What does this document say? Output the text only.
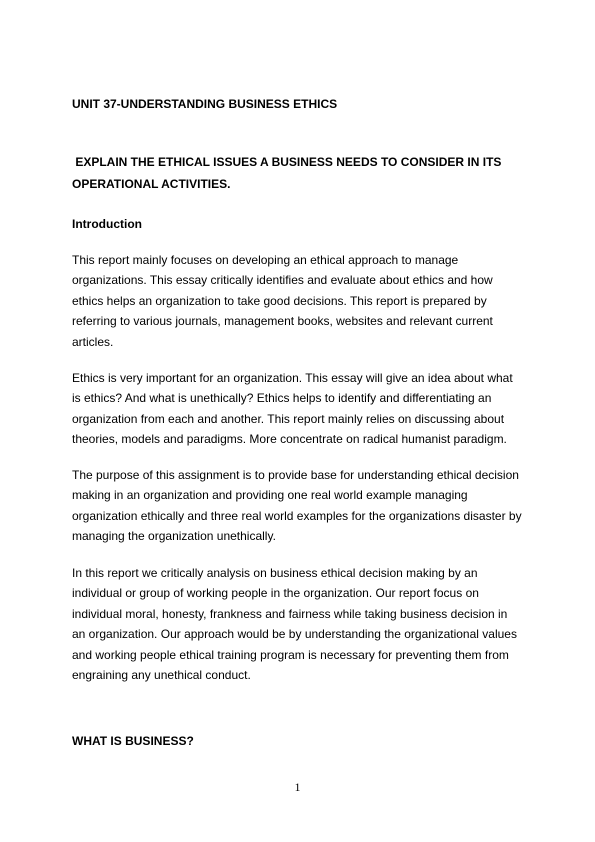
UNIT 37-UNDERSTANDING BUSINESS ETHICS
EXPLAIN THE ETHICAL ISSUES A BUSINESS NEEDS TO CONSIDER IN ITS
OPERATIONAL ACTIVITIES.
Introduction

This report mainly focuses on developing an ethical approach to manage
organizations. This essay critically identifies and evaluate about ethics and how
ethics helps an organization to take good decisions. This report is prepared by
referring to various journals, management books, websites and relevant current
articles.

Ethics is very important for an organization. This essay will give an idea about what
is ethics? And what is unethically? Ethics helps to identify and differentiating an
organization from each and another. This report mainly relies on discussing about
theories, models and paradigms. More concentrate on radical humanist paradigm.

The purpose of this assignment is to provide base for understanding ethical decision
making in an organization and providing one real world example managing
organization ethically and three real world examples for the organizations disaster by
managing the organization unethically.

In this report we critically analysis on business ethical decision making by an
individual or group of working people in the organization. Our report focus on
individual moral, honesty, frankness and fairness while taking business decision in
an organization. Our approach would be by understanding the organizational values
and working people ethical training program is necessary for preventing them from
engraining any unethical conduct.

WHAT IS BUSINESS?
1
